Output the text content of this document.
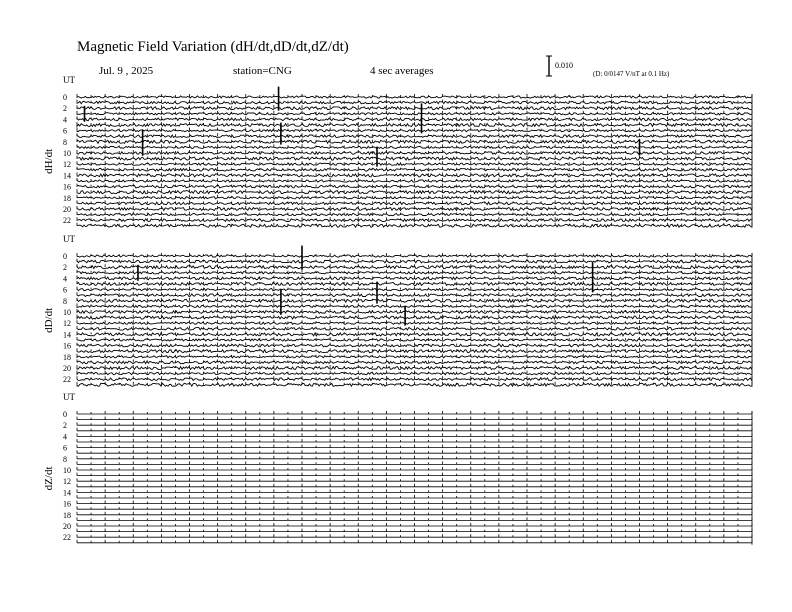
UT
dH/dt
0
2
4
6
8
10
12
14
16
18
20
22
UT
dD/dt
0
2
4
6
8
10
12
14
16
18
20
22
UT
dZ/dt
0
2
4
6
8
10
12
14
16
18
20
22
Magnetic Field Variation (dH/dt,dD/dt,dZ/dt)
Jul. 9 , 2025	station=CNG	4 sec averages	0.010
(D: 0/0147 V/nT at 0.1 Hz)
